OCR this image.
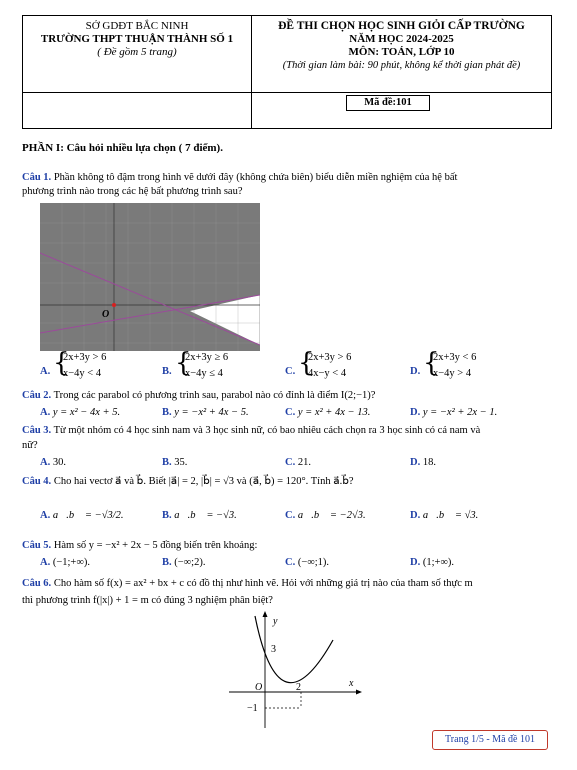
SỞ GDĐT BẮC NINH
TRƯỜNG THPT THUẬN THÀNH SỐ 1
( Đề gồm 5 trang)
ĐỀ THI CHỌN HỌC SINH GIỎI CẤP TRƯỜNG
NĂM HỌC 2024-2025
MÔN: TOÁN, LỚP 10
(Thời gian làm bài: 90 phút, không kể thời gian phát đề)
Mã đề:101
PHẦN I: Câu hỏi nhiều lựa chọn ( 7 điểm).
Câu 1. Phần không tô đậm trong hình vẽ dưới đây (không chứa biên) biểu diễn miền nghiệm của hệ bất
phương trình nào trong các hệ bất phương trình sau?
O
A. {
2x+3y > 6
x−4y < 4	B. {
2x+3y ≥ 6
x−4y ≤ 4	C. {
2x+3y > 6
4x−y < 4	D. {
2x+3y < 6
x−4y > 4
Câu 2. Trong các parabol có phương trình sau, parabol nào có đỉnh là điểm I(2;−1)?
A. y = x² − 4x + 5.	B. y = −x² + 4x − 5.	C. y = x² + 4x − 13.	D. y = −x² + 2x − 1.
Câu 3. Từ một nhóm có 4 học sinh nam và 3 học sinh nữ, có bao nhiêu cách chọn ra 3 học sinh có cả nam và
nữ?
A. 30.	B. 35.	C. 21.	D. 18.
Câu 4. Cho hai vectơ a⃗ và b⃗. Biết |a⃗| = 2, |b⃗| = √3 và (a⃗, b⃗) = 120°. Tính a⃗.b⃗?
A. a⃗.b⃗ = −√3/2.	B. a⃗.b⃗ = −√3.	C. a⃗.b⃗ = −2√3.	D. a⃗.b⃗ = √3.
Câu 5. Hàm số y = −x² + 2x − 5 đồng biến trên khoảng:
A. (−1;+∞).	B. (−∞;2).	C. (−∞;1).	D. (1;+∞).
Câu 6. Cho hàm số f(x) = ax² + bx + c có đồ thị như hình vẽ. Hỏi với những giá trị nào của tham số thực m
thì phương trình f(|x|) + 1 = m có đúng 3 nghiệm phân biệt?
y
x
O
3
2
−1
Trang 1/5 - Mã đề 101
